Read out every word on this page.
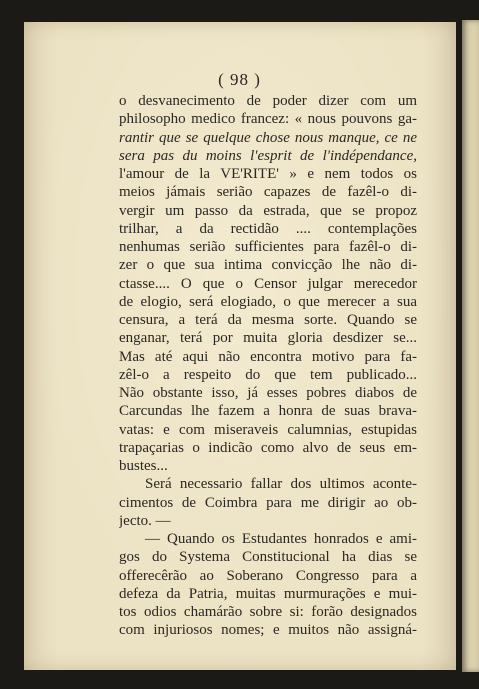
( 98 )
o desvanecimento de poder dizer com um
philosopho medico francez: « nous pouvons ga-
rantir que se quelque chose nous manque, ce ne
sera pas du moins l'esprit de l'indépendance,
l'amour de la VE'RITE' » e nem todos os
meios jámais serião capazes de fazêl-o di-
vergir um passo da estrada, que se propoz
trilhar, a da rectidão .... contemplações
nenhumas serião sufficientes para fazêl-o di-
zer o que sua intima convicção lhe não di-
ctasse.... O que o Censor julgar merecedor
de elogio, será elogiado, o que merecer a sua
censura, a terá da mesma sorte. Quando se
enganar, terá por muita gloria desdizer se...
Mas até aqui não encontra motivo para fa-
zêl-o a respeito do que tem publicado...
Não obstante isso, já esses pobres diabos de
Carcundas lhe fazem a honra de suas brava-
vatas: e com miseraveis calumnias, estupidas
trapaçarias o indicão como alvo de seus em-
bustes...
Será necessario fallar dos ultimos aconte-
cimentos de Coimbra para me dirigir ao ob-
jecto. —
— Quando os Estudantes honrados e ami-
gos do Systema Constitucional ha dias se
offerecêrão ao Soberano Congresso para a
defeza da Patria, muitas murmurações e mui-
tos odios chamárão sobre si: forão designados
com injuriosos nomes; e muitos não assigná-
